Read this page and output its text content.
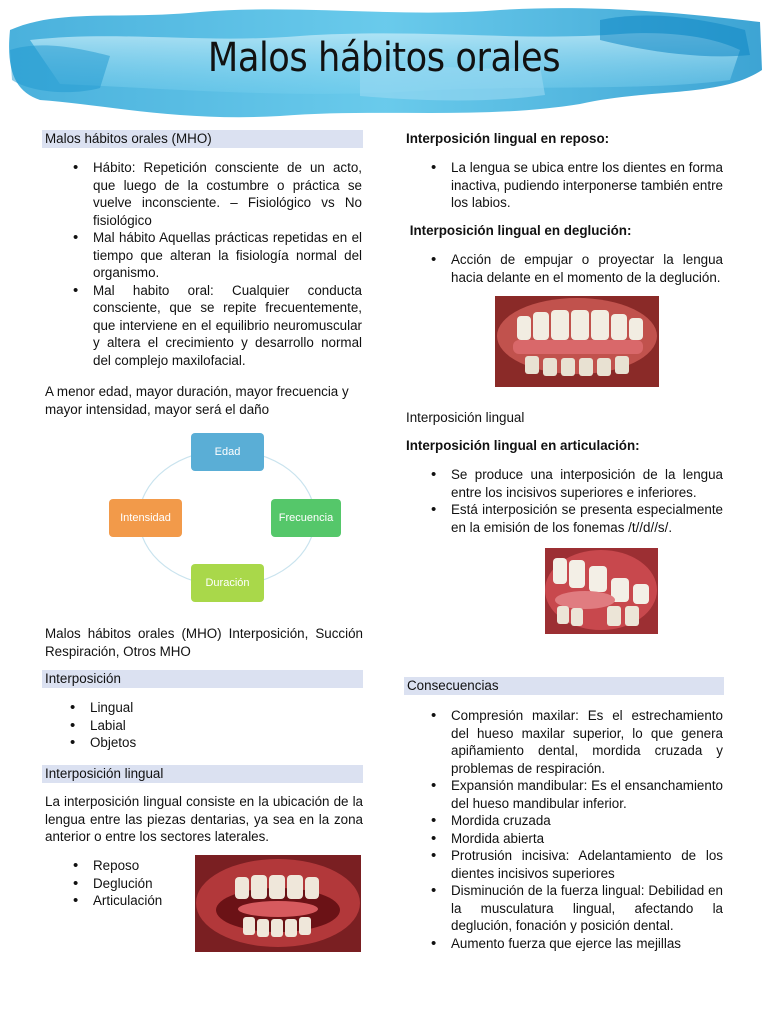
Malos hábitos orales
Malos hábitos orales (MHO)
• Hábito: Repetición consciente de un acto, que luego de la costumbre o práctica se vuelve inconsciente. – Fisiológico vs No fisiológico
• Mal hábito Aquellas prácticas repetidas en el tiempo que alteran la fisiología normal del organismo.
• Mal habito oral: Cualquier conducta consciente, que se repite frecuentemente, que interviene en el equilibrio neuromuscular y altera el crecimiento y desarrollo normal del complejo maxilofacial.
A menor edad, mayor duración, mayor frecuencia y mayor intensidad, mayor será el daño
Edad
Frecuencia
Duración
Intensidad
Malos hábitos orales (MHO) Interposición, Succión Respiración, Otros MHO
Interposición
• Lingual
• Labial
• Objetos
Interposición lingual
La interposición lingual consiste en la ubicación de la lengua entre las piezas dentarias, ya sea en la zona anterior o entre los sectores laterales.
• Reposo
• Deglución
• Articulación
Interposición lingual en reposo:
• La lengua se ubica entre los dientes en forma inactiva, pudiendo interponerse también entre los labios.
Interposición lingual en deglución:
• Acción de empujar o proyectar la lengua hacia delante en el momento de la deglución.
Interposición lingual
Interposición lingual en articulación:
• Se produce una interposición de la lengua entre los incisivos superiores e inferiores.
• Está interposición se presenta especialmente en la emisión de los fonemas /t//d//s/.
Consecuencias
• Compresión maxilar: Es el estrechamiento del hueso maxilar superior, lo que genera apiñamiento dental, mordida cruzada y problemas de respiración.
• Expansión mandibular: Es el ensanchamiento del hueso mandibular inferior.
• Mordida cruzada
• Mordida abierta
• Protrusión incisiva: Adelantamiento de los dientes incisivos superiores
• Disminución de la fuerza lingual: Debilidad en la musculatura lingual, afectando la deglución, fonación y posición dental.
• Aumento fuerza que ejerce las mejillas
